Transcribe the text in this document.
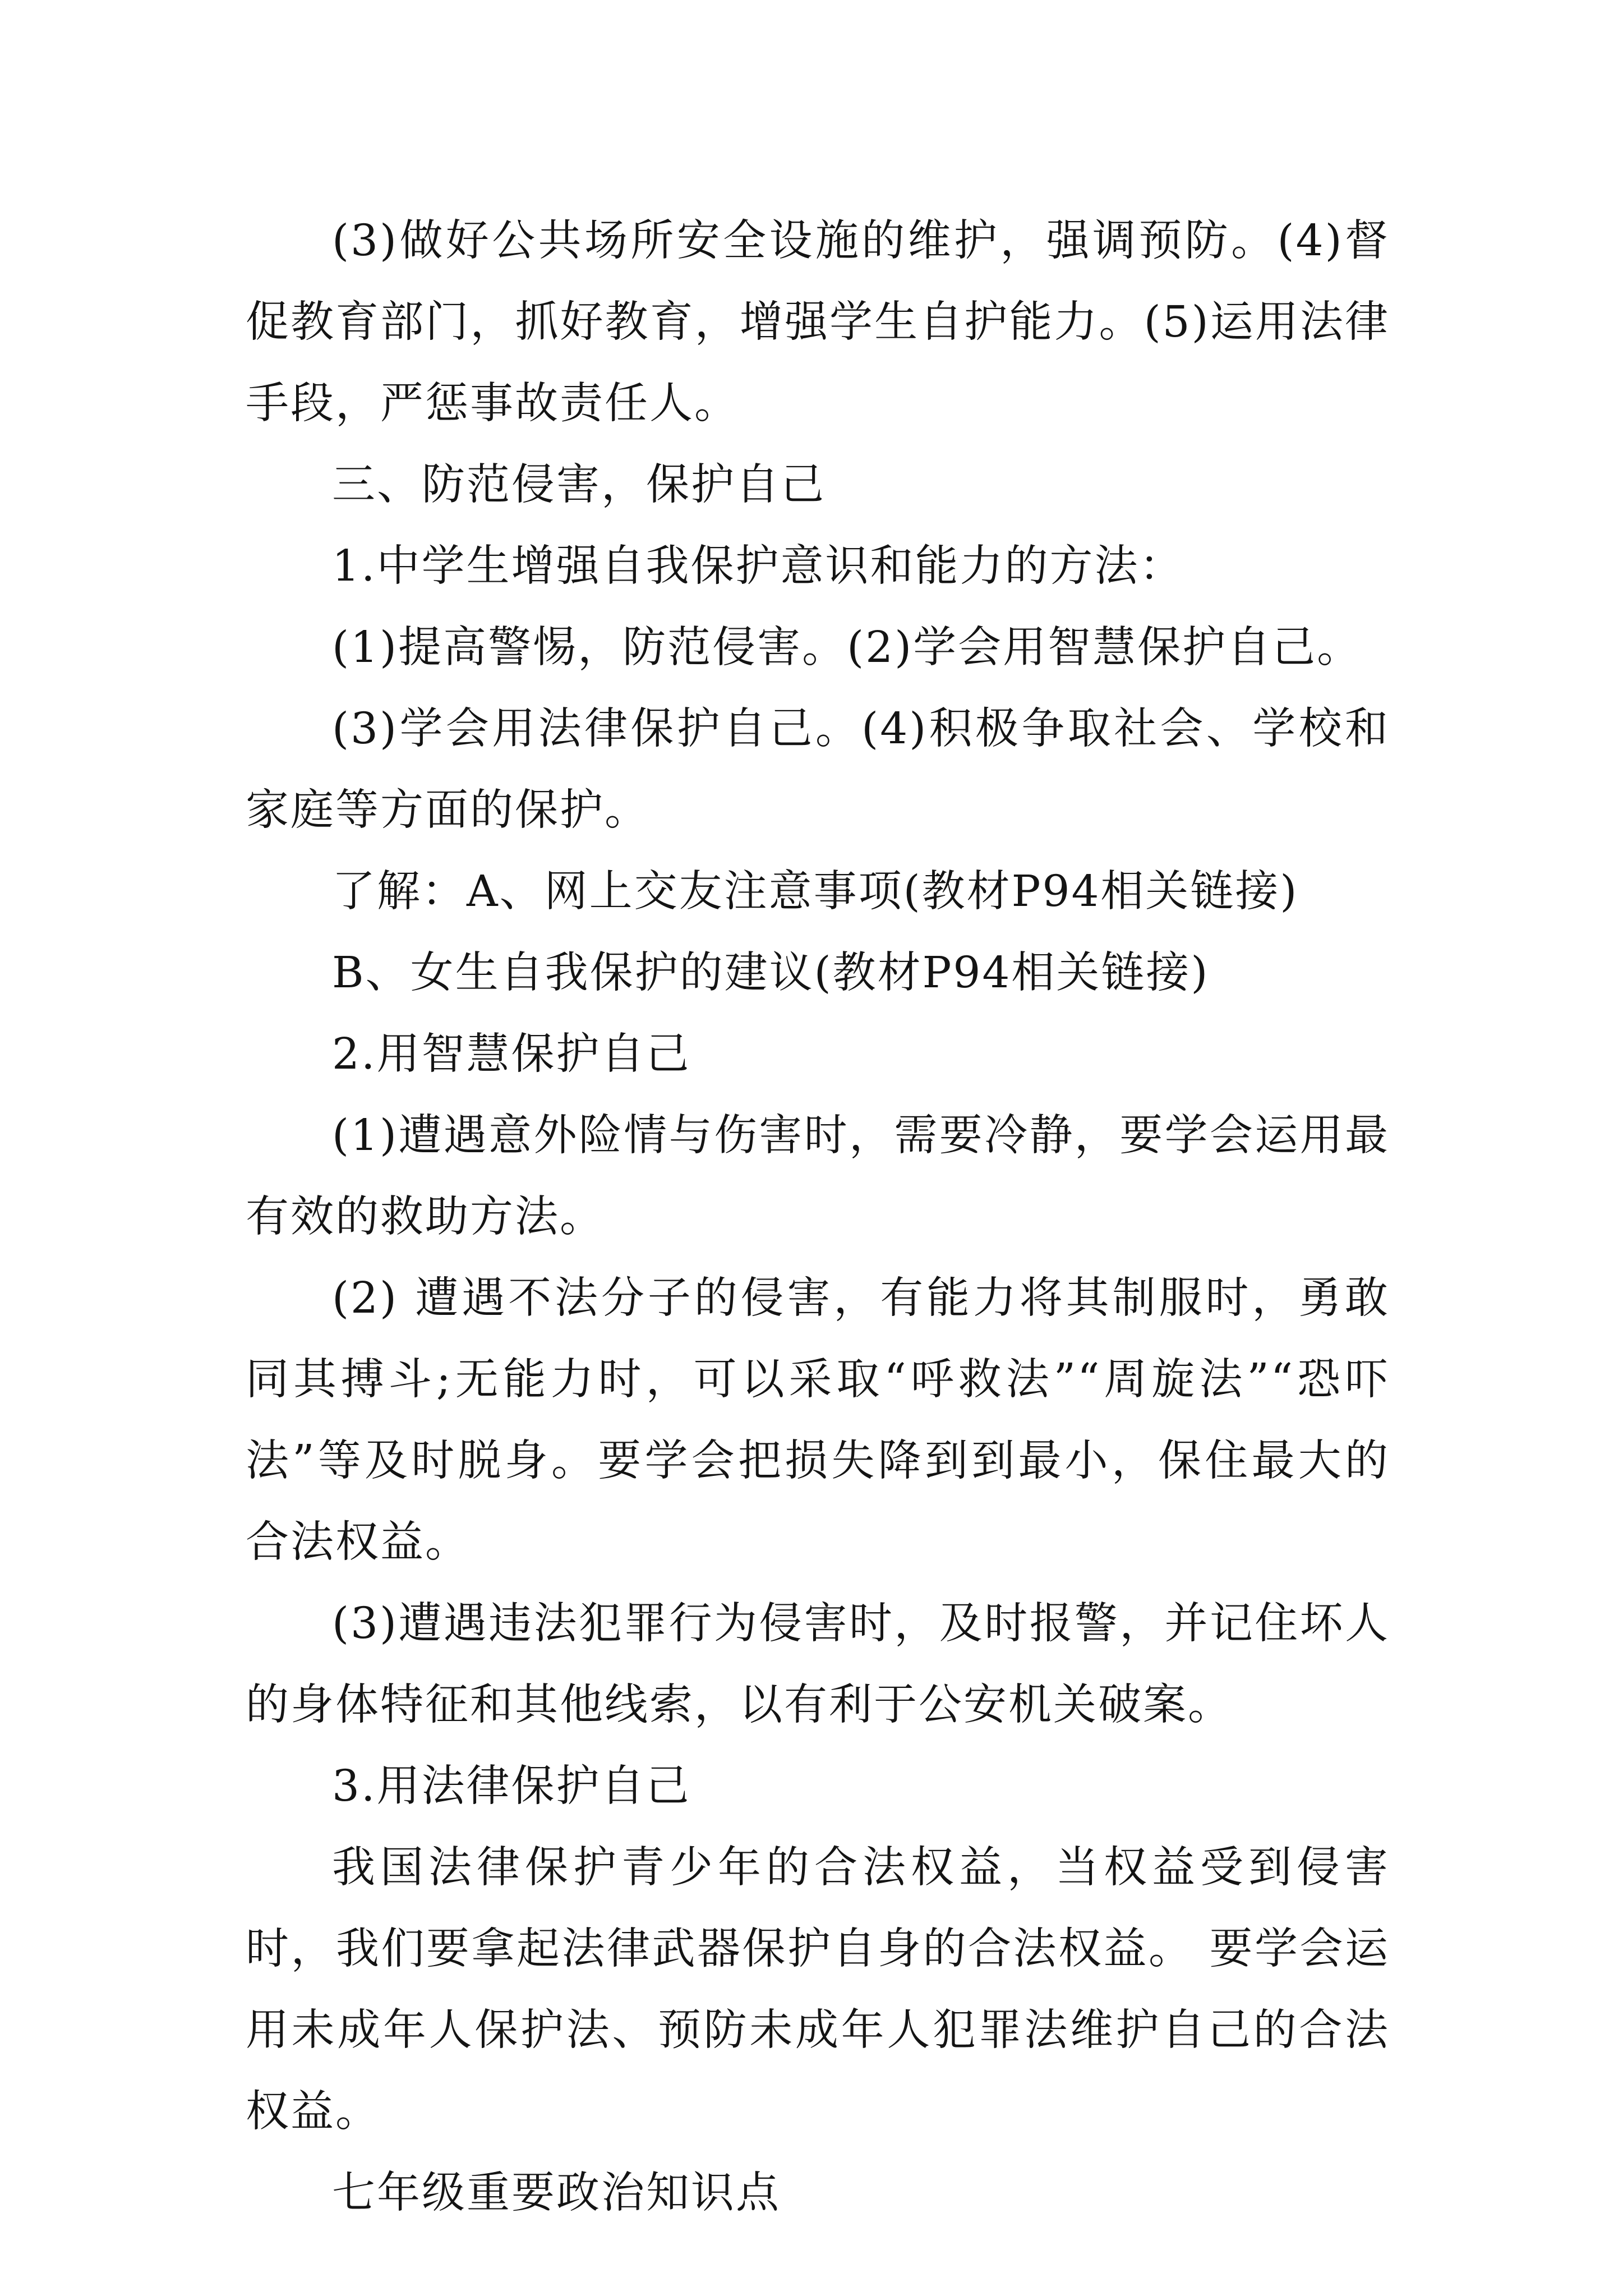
(3)做好公共场所安全设施的维护，强调预防。(4)督促教育部门，抓好教育，增强学生自护能力。(5)运用法律手段，严惩事故责任人。

三、防范侵害，保护自己

1.中学生增强自我保护意识和能力的方法：

(1)提高警惕，防范侵害。(2)学会用智慧保护自己。

(3)学会用法律保护自己。(4)积极争取社会、学校和家庭等方面的保护。

了解：A、网上交友注意事项(教材P94相关链接)

B、女生自我保护的建议(教材P94相关链接)

2.用智慧保护自己

(1)遭遇意外险情与伤害时，需要冷静，要学会运用最有效的救助方法。

(2) 遭遇不法分子的侵害，有能力将其制服时，勇敢同其搏斗;无能力时，可以采取“呼救法”“周旋法”“恐吓法”等及时脱身。要学会把损失降到到最小，保住最大的合法权益。

(3)遭遇违法犯罪行为侵害时，及时报警，并记住坏人的身体特征和其他线索，以有利于公安机关破案。

3.用法律保护自己

我国法律保护青少年的合法权益，当权益受到侵害时，我们要拿起法律武器保护自身的合法权益。 要学会运用未成年人保护法、预防未成年人犯罪法维护自己的合法权益。

七年级重要政治知识点
